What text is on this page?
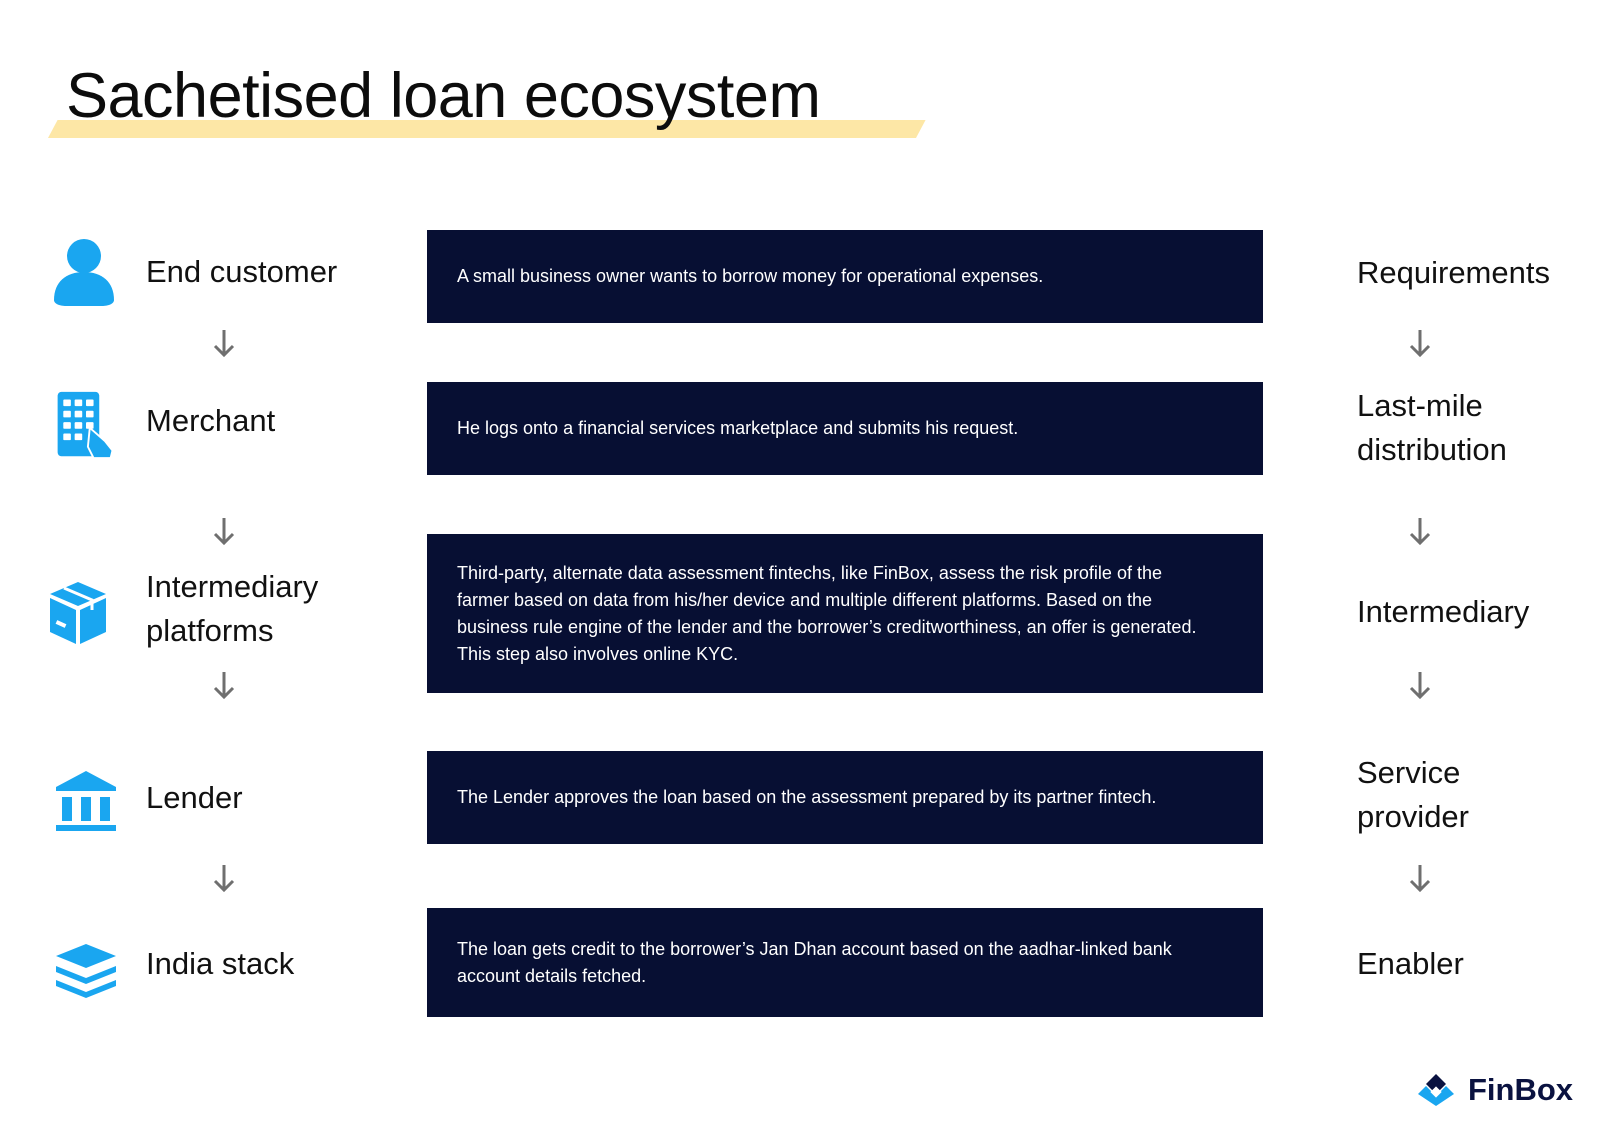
Sachetised loan ecosystem
End customer
Merchant
Intermediary
platforms
Lender
India stack
A small business owner wants to borrow money for operational expenses.
He logs onto a financial services marketplace and submits his request.
Third-party, alternate data assessment fintechs, like FinBox, assess the risk profile of the
farmer based on data from his/her device and multiple different platforms. Based on the
business rule engine of the lender and the borrower’s creditworthiness, an offer is generated.
This step also involves online KYC.
The Lender approves the loan based on the assessment prepared by its partner fintech.
The loan gets credit to the borrower’s Jan Dhan account based on the aadhar-linked bank
account details fetched.
Requirements
Last-mile
distribution
Intermediary
Service
provider
Enabler
FinBox
